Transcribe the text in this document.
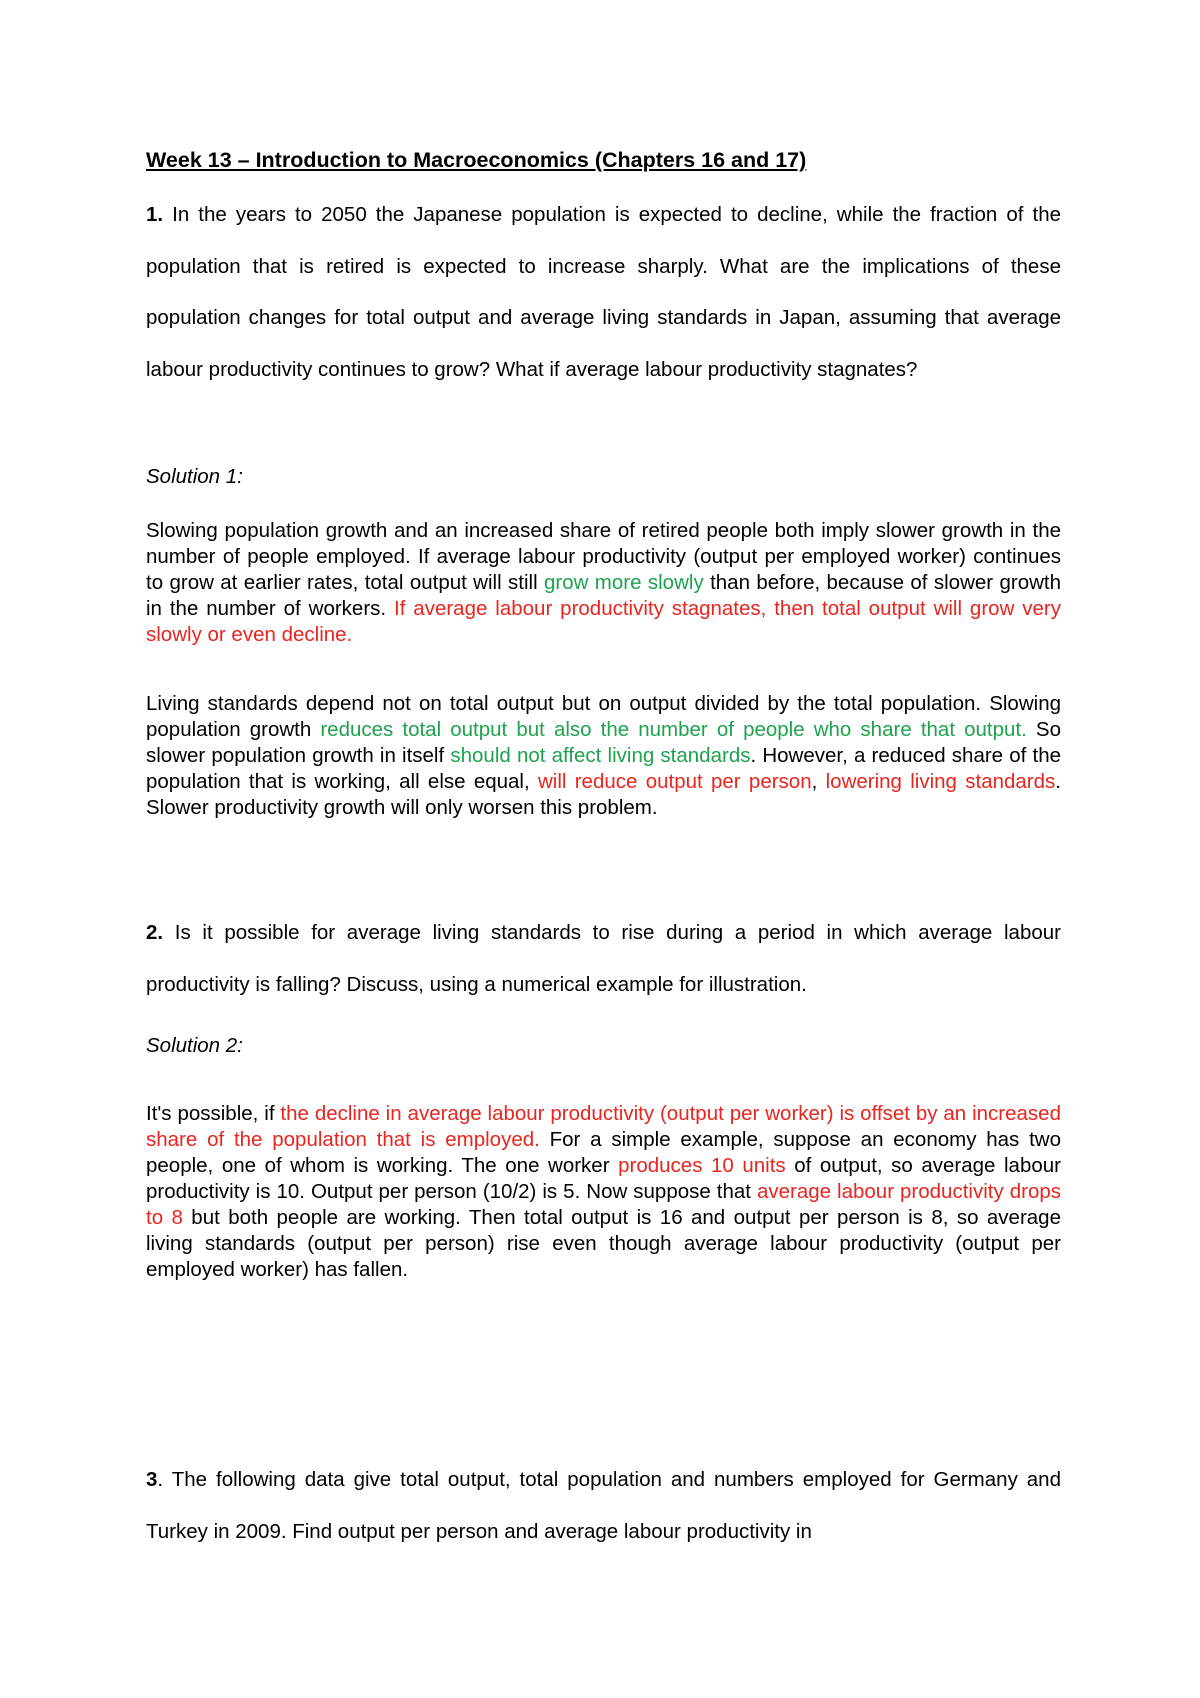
Week 13 – Introduction to Macroeconomics (Chapters 16 and 17)

1. In the years to 2050 the Japanese population is expected to decline, while the fraction of the population that is retired is expected to increase sharply. What are the implications of these population changes for total output and average living standards in Japan, assuming that average labour productivity continues to grow? What if average labour productivity stagnates?

Solution 1:

Slowing population growth and an increased share of retired people both imply slower growth in the number of people employed. If average labour productivity (output per employed worker) continues to grow at earlier rates, total output will still grow more slowly than before, because of slower growth in the number of workers. If average labour productivity stagnates, then total output will grow very slowly or even decline.

Living standards depend not on total output but on output divided by the total population. Slowing population growth reduces total output but also the number of people who share that output. So slower population growth in itself should not affect living standards. However, a reduced share of the population that is working, all else equal, will reduce output per person, lowering living standards. Slower productivity growth will only worsen this problem.

2. Is it possible for average living standards to rise during a period in which average labour productivity is falling? Discuss, using a numerical example for illustration.

Solution 2:

It's possible, if the decline in average labour productivity (output per worker) is offset by an increased share of the population that is employed. For a simple example, suppose an economy has two people, one of whom is working. The one worker produces 10 units of output, so average labour productivity is 10. Output per person (10/2) is 5. Now suppose that average labour productivity drops to 8 but both people are working. Then total output is 16 and output per person is 8, so average living standards (output per person) rise even though average labour productivity (output per employed worker) has fallen.

3. The following data give total output, total population and numbers employed for Germany and Turkey in 2009. Find output per person and average labour productivity in
